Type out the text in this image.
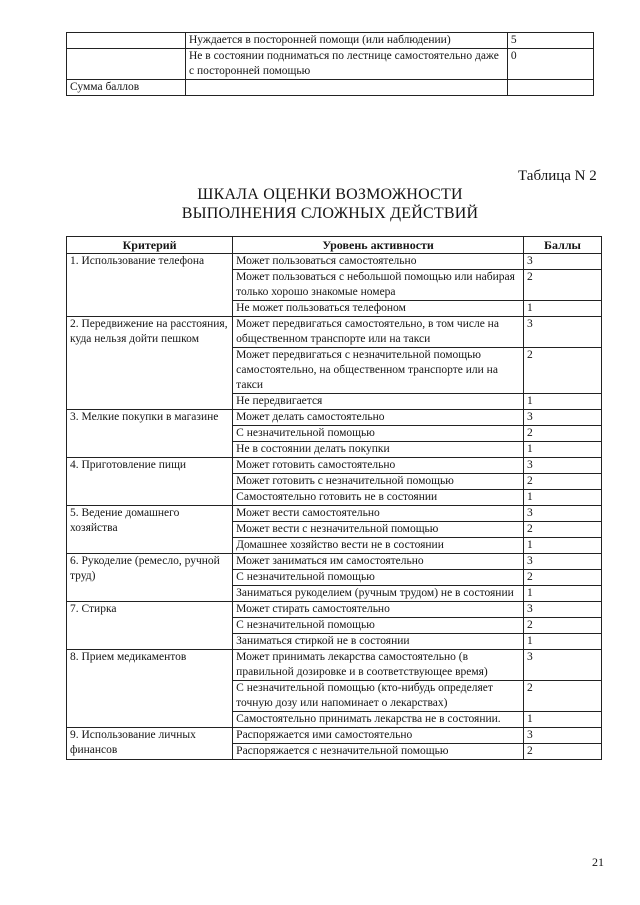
	Нуждается в посторонней помощи (или наблюдении)	5
	Не в состоянии подниматься по лестнице самостоятельно даже с посторонней помощью	0
Сумма баллов		
Таблица N 2
ШКАЛА ОЦЕНКИ ВОЗМОЖНОСТИ
ВЫПОЛНЕНИЯ СЛОЖНЫХ ДЕЙСТВИЙ
Критерий	Уровень активности	Баллы
1. Использование телефона	Может пользоваться самостоятельно	3
	Может пользоваться с небольшой помощью или набирая только хорошо знакомые номера	2
	Не может пользоваться телефоном	1
2. Передвижение на расстояния, куда нельзя дойти пешком	Может передвигаться самостоятельно, в том числе на общественном транспорте или на такси	3
	Может передвигаться с незначительной помощью самостоятельно, на общественном транспорте или на такси	2
	Не передвигается	1
3. Мелкие покупки в магазине	Может делать самостоятельно	3
	С незначительной помощью	2
	Не в состоянии делать покупки	1
4. Приготовление пищи	Может готовить самостоятельно	3
	Может готовить с незначительной помощью	2
	Самостоятельно готовить не в состоянии	1
5. Ведение домашнего хозяйства	Может вести самостоятельно	3
	Может вести с незначительной помощью	2
	Домашнее хозяйство вести не в состоянии	1
6. Рукоделие (ремесло, ручной труд)	Может заниматься им самостоятельно	3
	С незначительной помощью	2
	Заниматься рукоделием (ручным трудом) не в состоянии	1
7. Стирка	Может стирать самостоятельно	3
	С незначительной помощью	2
	Заниматься стиркой не в состоянии	1
8. Прием медикаментов	Может принимать лекарства самостоятельно (в правильной дозировке и в соответствующее время)	3
	С незначительной помощью (кто-нибудь определяет точную дозу или напоминает о лекарствах)	2
	Самостоятельно принимать лекарства не в состоянии.	1
9. Использование личных финансов	Распоряжается ими самостоятельно	3
	Распоряжается с незначительной помощью	2
21
